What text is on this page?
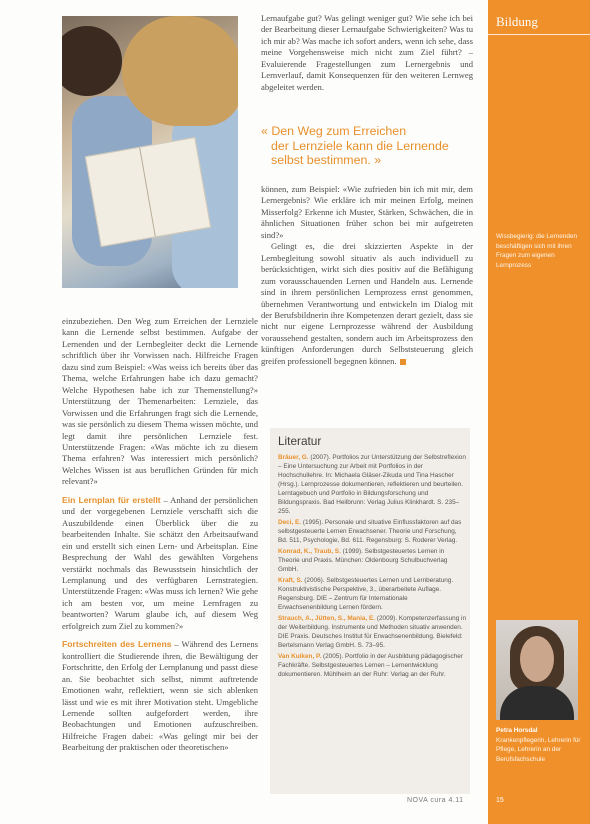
einzubeziehen. Den Weg zum Erreichen der Lernziele kann die Lernende selbst bestimmen. Aufgabe der Lernenden und der Lernbegleiter deckt die Lernende schriftlich über ihr Vorwissen nach. Hilfreiche Fragen dazu sind zum Beispiel: «Was weiss ich bereits über das Thema, welche Erfahrungen habe ich dazu gemacht? Welche Hypothesen habe ich zur Themenstellung?» Unterstützung der Themenarbeiten: Lernziele, das Vorwissen und die Erfahrungen fragt sich die Lernende, was sie persönlich zu diesem Thema wissen möchte, und legt damit ihre persönlichen Lernziele fest. Unterstützende Fragen: «Was möchte ich zu diesem Thema erfahren? Was interessiert mich persönlich? Welches Wissen ist aus beruflichen Gründen für mich relevant?»

Ein Lernplan für erstellt – Anhand der persönlichen und der vorgegebenen Lernziele verschafft sich die Auszubildende einen Überblick über die zu bearbeitenden Inhalte. Sie schätzt den Arbeitsaufwand ein und erstellt sich einen Lern- und Arbeitsplan. Eine Besprechung der Wahl des gewählten Vorgehens verstärkt nochmals das Bewusstsein hinsichtlich der Lernplanung und des verfügbaren Lernstrategien. Unterstützende Fragen: «Was muss ich lernen? Wie gehe ich am besten vor, um meine Lernfragen zu beantworten? Warum glaube ich, auf diesem Weg erfolgreich zum Ziel zu kommen?»

Fortschreiten des Lernens – Während des Lernens kontrolliert die Studierende ihren, die Bewältigung der Fortschritte, den Erfolg der Lernplanung und passt diese an. Sie beobachtet sich selbst, nimmt auftretende Emotionen wahr, reflektiert, wenn sie sich ablenken lässt und wie es mit ihrer Motivation steht. Umgebliche Lernende sollten aufgefordert werden, ihre Beobachtungen und Emotionen aufzuschreiben. Hilfreiche Fragen dabei: «Was gelingt mir bei der Bearbeitung der praktischen oder theoretischen»

Lernaufgabe gut? Was gelingt weniger gut? Wie sehe ich bei der Bearbeitung dieser Lernaufgabe Schwierigkeiten? Was tu ich mir ab? Was mache ich sofort anders, wenn ich sehe, dass meine Vorgehensweise mich nicht zum Ziel führt? – Evaluierende Fragestellungen zum Lernergebnis und Lernverlauf, damit Konsequenzen für den weiteren Lernweg abgeleitet werden.

« Den Weg zum Erreichen
der Lernziele kann die Lernende
selbst bestimmen. »

können, zum Beispiel: «Wie zufrieden bin ich mit mir, dem Lernergebnis? Wie erkläre ich mir meinen Erfolg, meinen Misserfolg? Erkenne ich Muster, Stärken, Schwächen, die in ähnlichen Situationen früher schon bei mir aufgetreten sind?»

Gelingt es, die drei skizzierten Aspekte in der Lernbegleitung sowohl situativ als auch individuell zu berücksichtigen, wirkt sich dies positiv auf die Befähigung zum vorausschauenden Lernen und Handeln aus. Lernende sind in ihrem persönlichen Lernprozess ernst genommen, übernehmen Verantwortung und entwickeln im Dialog mit der Berufsbildnerin ihre Kompetenzen derart gezielt, dass sie nicht nur eigene Lernprozesse während der Ausbildung voraussehend gestalten, sondern auch im Arbeitsprozess den künftigen Anforderungen durch Selbststeuerung gleich greifen professionell begegnen können.

Literatur

Bräuer, G. (2007). Portfolios zur Unterstützung der Selbstreflexion – Eine Untersuchung zur Arbeit mit Portfolios in der Hochschullehre. In: Michaela Gläser-Zikuda und Tina Hascher (Hrsg.). Lernprozesse dokumentieren, reflektieren und beurteilen. Lerntagebuch und Portfolio in Bildungsforschung und Bildungspraxis. Bad Heilbrunn: Verlag Julius Klinkhardt. S. 235–255.

Deci, E. (1995). Personale und situative Einflussfaktoren auf das selbstgesteuerte Lernen Erwachsener. Theorie und Forschung, Bd. 511, Psychologie, Bd. 611. Regensburg: S. Roderer Verlag.

Konrad, K., Traub, S. (1999). Selbstgesteuertes Lernen in Theorie und Praxis. München: Oldenbourg Schulbuchverlag GmbH.

Kraft, S. (2006). Selbstgesteuertes Lernen und Lernberatung. Konstruktivistische Perspektive, 3., überarbeitete Auflage. Regensburg. DIE – Zentrum für Internationale Erwachsenenbildung Lernen fördern.

Strauch, A., Jütten, S., Mania, E. (2009). Kompetenzerfassung in der Weiterbildung. Instrumente und Methoden situativ anwenden. DIE Praxis. Deutsches Institut für Erwachsenenbildung. Bielefeld: Bertelsmann Verlag GmbH. S. 73–95.

Van Kuiken, P. (2005). Portfolio in der Ausbildung pädagogischer Fachkräfte. Selbstgesteuertes Lernen – Lernentwicklung dokumentieren. Mühlheim an der Ruhr: Verlag an der Ruhr.

Bildung
Wissbegierig: die Lernenden beschäftigen sich mit ihren Fragen zum eigenen Lernprozess
Petra Horsdal
Krankenpflegerin, Lehrerin für Pflege, Lehrerin an der Berufsfachschule
15
NOVA cura 4.11
